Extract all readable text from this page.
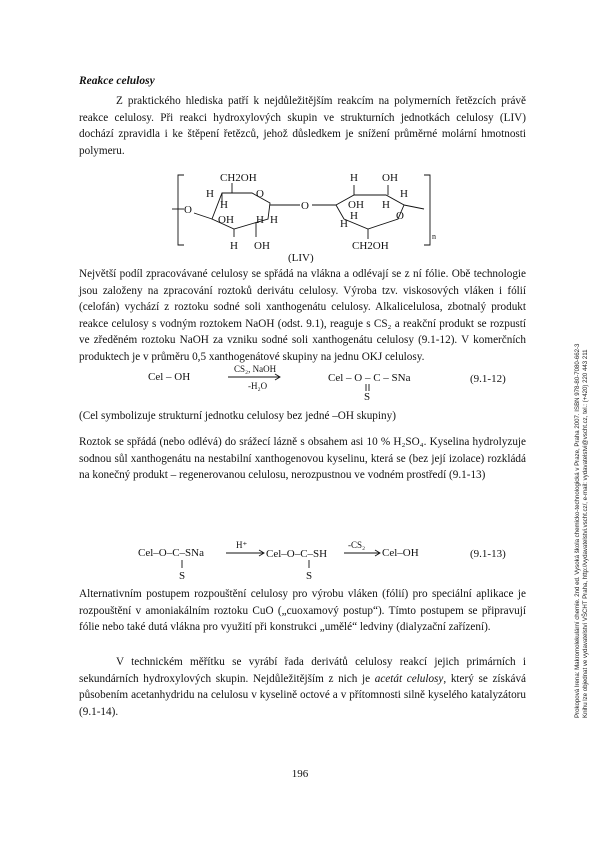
Reakce celulosy
Z praktického hlediska patří k nejdůležitějším reakcím na polymerních řetězcích právě reakce celulosy. Při reakci hydroxylových skupin ve strukturních jednotkách celulosy (LIV) dochází zpravidla i ke štěpení řetězců, jehož důsledkem je snížení průměrné molární hmotnosti polymeru.
CH2OH
H	O
H
OH H H
H OH
O	O
H OH
H
OH H
O
H
H
CH2OH
n
(LIV)
Největší podíl zpracovávané celulosy se spřádá na vlákna a odlévají se z ní fólie. Obě technologie jsou založeny na zpracování roztoků derivátu celulosy. Výroba tzv. viskosových vláken i fólií (celofán) vychází z roztoku sodné soli xanthogenátu celulosy. Alkalicelulosa, zbotnalý produkt reakce celulosy s vodným roztokem NaOH (odst. 9.1), reaguje s CS₂ a reakční produkt se rozpustí ve zředěném roztoku NaOH za vzniku sodné soli xanthogenátu celulosy (9.1-12). V komerčních produktech je v průměru 0,5 xanthogenátové skupiny na jednu OKJ celulosy.
Cel – OH
CS₂, NaOH
-H₂O
Cel – O – C – SNa
S
(9.1-12)
(Cel symbolizuje strukturní jednotku celulosy bez jedné –OH skupiny)
Roztok se spřádá (nebo odlévá) do srážecí lázně s obsahem asi 10 % H₂SO₄. Kyselina hydrolyzuje sodnou sůl xanthogenátu na nestabilní xanthogenovou kyselinu, která se (bez její izolace) rozkládá na konečný produkt – regenerovanou celulosu, nerozpustnou ve vodném prostředí (9.1-13)
Cel–O–C–SNa
H⁺
Cel–O–C–SH
-CS₂
Cel–OH
S	S
(9.1-13)
Alternativním postupem rozpouštění celulosy pro výrobu vláken (fólií) pro speciální aplikace je rozpouštění v amoniakálním roztoku CuO („cuoxamový postup“). Tímto postupem se připravují fólie nebo také dutá vlákna pro využití při konstrukci „umělé“ ledviny (dialyzační zařízení).
V technickém měřítku se vyrábí řada derivátů celulosy reakcí jejich primárních i sekundárních hydroxylových skupin. Nejdůležitějším z nich je acetát celulosy, který se získává působením acetanhydridu na celulosu v kyselině octové a v přítomnosti silně kyselého katalyzátoru (9.1-14).
196
Prokopová Irena: Makromolekulární chemie. 2nd ed. Vysoká škola chemicko-technologická v Praze, Praha 2007. ISBN 978-80-7080-662-3 Knihu lze objednat ve vydavatelství VŠCHT Praha, http://vydavatelstvi.vscht.cz/, e-mail: vydavatelstvi@vscht.cz, tel.: (+420) 220 443 211
